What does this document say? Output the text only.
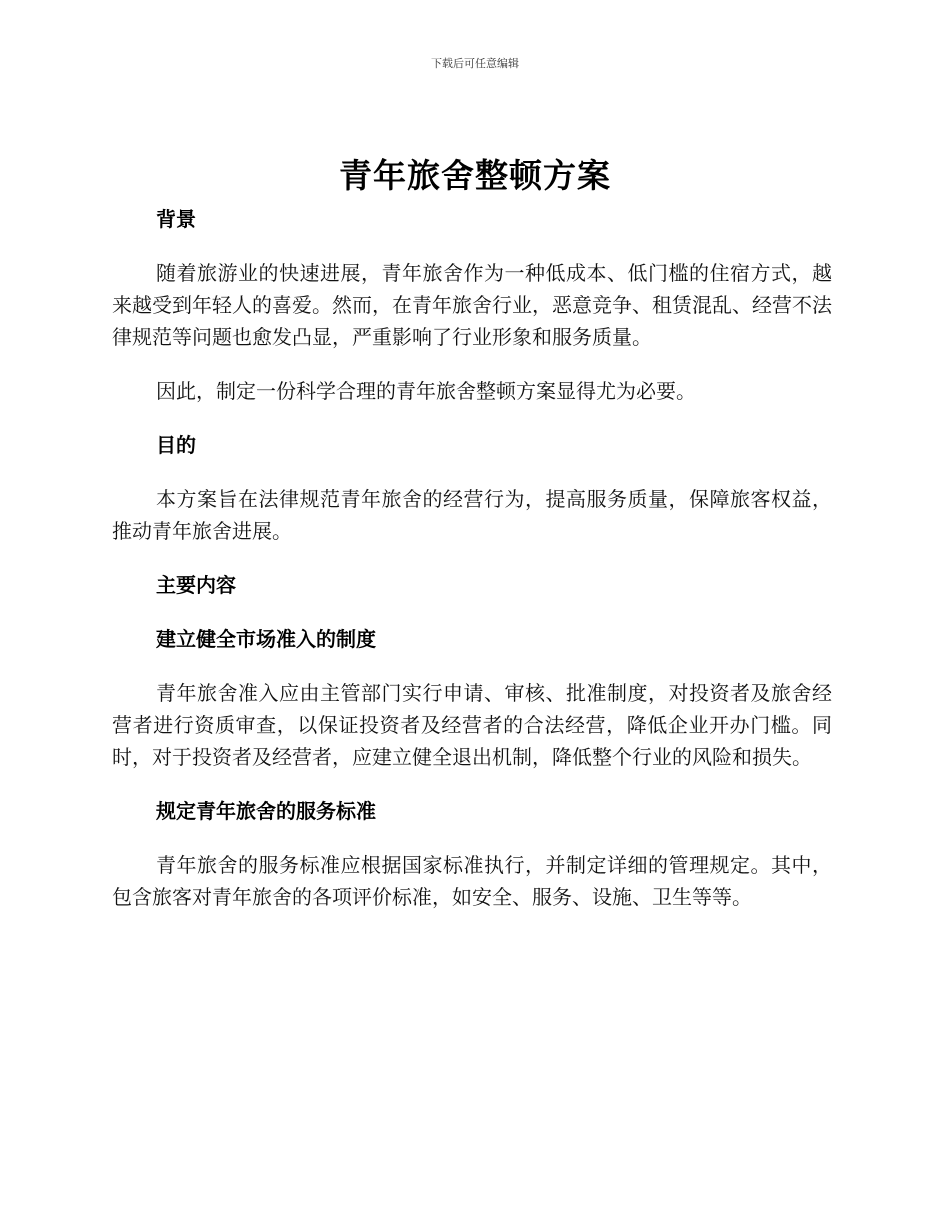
下载后可任意编辑
青年旅舍整顿方案

背景

随着旅游业的快速进展，青年旅舍作为一种低成本、低门槛的住宿方式，越来越受到年轻人的喜爱。然而，在青年旅舍行业，恶意竞争、租赁混乱、经营不法律规范等问题也愈发凸显，严重影响了行业形象和服务质量。

因此，制定一份科学合理的青年旅舍整顿方案显得尤为必要。

目的

本方案旨在法律规范青年旅舍的经营行为，提高服务质量，保障旅客权益，推动青年旅舍进展。

主要内容

建立健全市场准入的制度

青年旅舍准入应由主管部门实行申请、审核、批准制度，对投资者及旅舍经营者进行资质审查，以保证投资者及经营者的合法经营，降低企业开办门槛。同时，对于投资者及经营者，应建立健全退出机制，降低整个行业的风险和损失。

规定青年旅舍的服务标准

青年旅舍的服务标准应根据国家标准执行，并制定详细的管理规定。其中，包含旅客对青年旅舍的各项评价标准，如安全、服务、设施、卫生等等。
